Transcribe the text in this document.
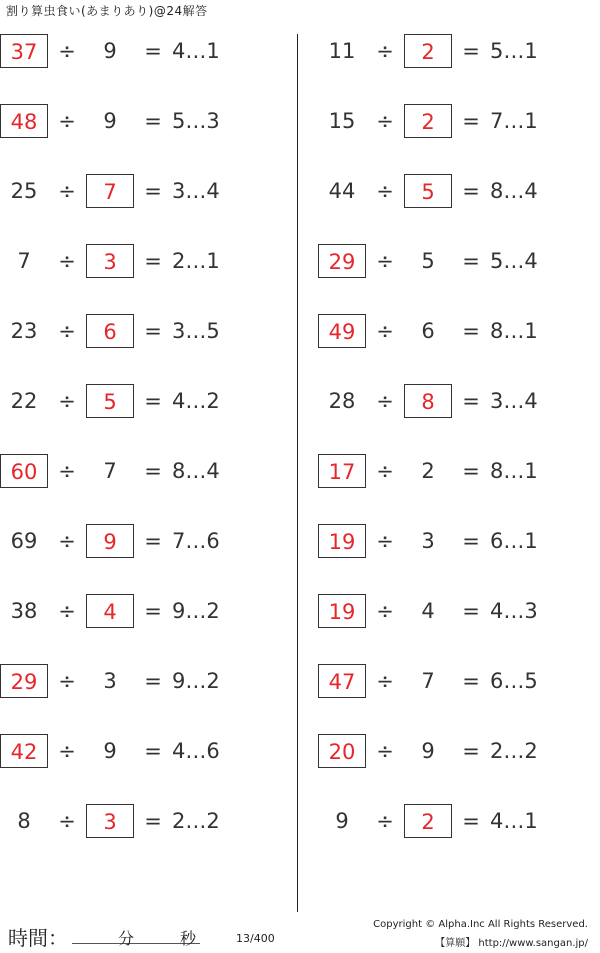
割り算虫食い(あまりあり)@24解答
37 ÷	9	= 4…1
48 ÷	9	= 5…3
25 ÷	7	= 3…4
7	÷	3	= 2…1
23 ÷	6	= 3…5
22 ÷	5	= 4…2
60 ÷	7	= 8…4
69 ÷	9	= 7…6
38 ÷	4	= 9…2
29 ÷	3	= 9…2
42 ÷	9	= 4…6
8	÷	3	= 2…2
11 ÷	2	= 5…1
15 ÷	2	= 7…1
44 ÷	5	= 8…4
29 ÷	5	= 5…4
49 ÷	6	= 8…1
28 ÷	8	= 3…4
17 ÷	2	= 8…1
19 ÷	3	= 6…1
19 ÷	4	= 4…3
47 ÷	7	= 6…5
20 ÷	9	= 2…2
9	÷	2	= 4…1
時間：	分	秒	13/400
Copyright © Alpha.Inc All Rights Reserved.
【算願】 http://www.sangan.jp/
